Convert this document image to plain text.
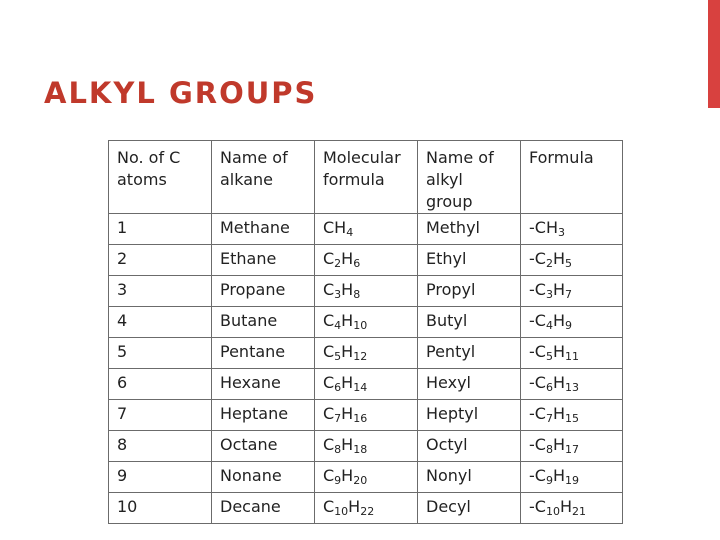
ALKYL GROUPS
No. of C atoms	Name of alkane	Molecular formula	Name of alkyl group	Formula
1	Methane	$CH_4$	Methyl	$-CH_3$
2	Ethane	$C_2H_6$	Ethyl	$-C_2H_5$
3	Propane	$C_3H_8$	Propyl	$-C_3H_7$
4	Butane	$C_4H_{10}$	Butyl	$-C_4H_9$
5	Pentane	$C_5H_{12}$	Pentyl	$-C_5H_{11}$
6	Hexane	$C_6H_{14}$	Hexyl	$-C_6H_{13}$
7	Heptane	$C_7H_{16}$	Heptyl	$-C_7H_{15}$
8	Octane	$C_8H_{18}$	Octyl	$-C_8H_{17}$
9	Nonane	$C_9H_{20}$	Nonyl	$-C_9H_{19}$
10	Decane	$C_{10}H_{22}$	Decyl	$-C_{10}H_{21}$
